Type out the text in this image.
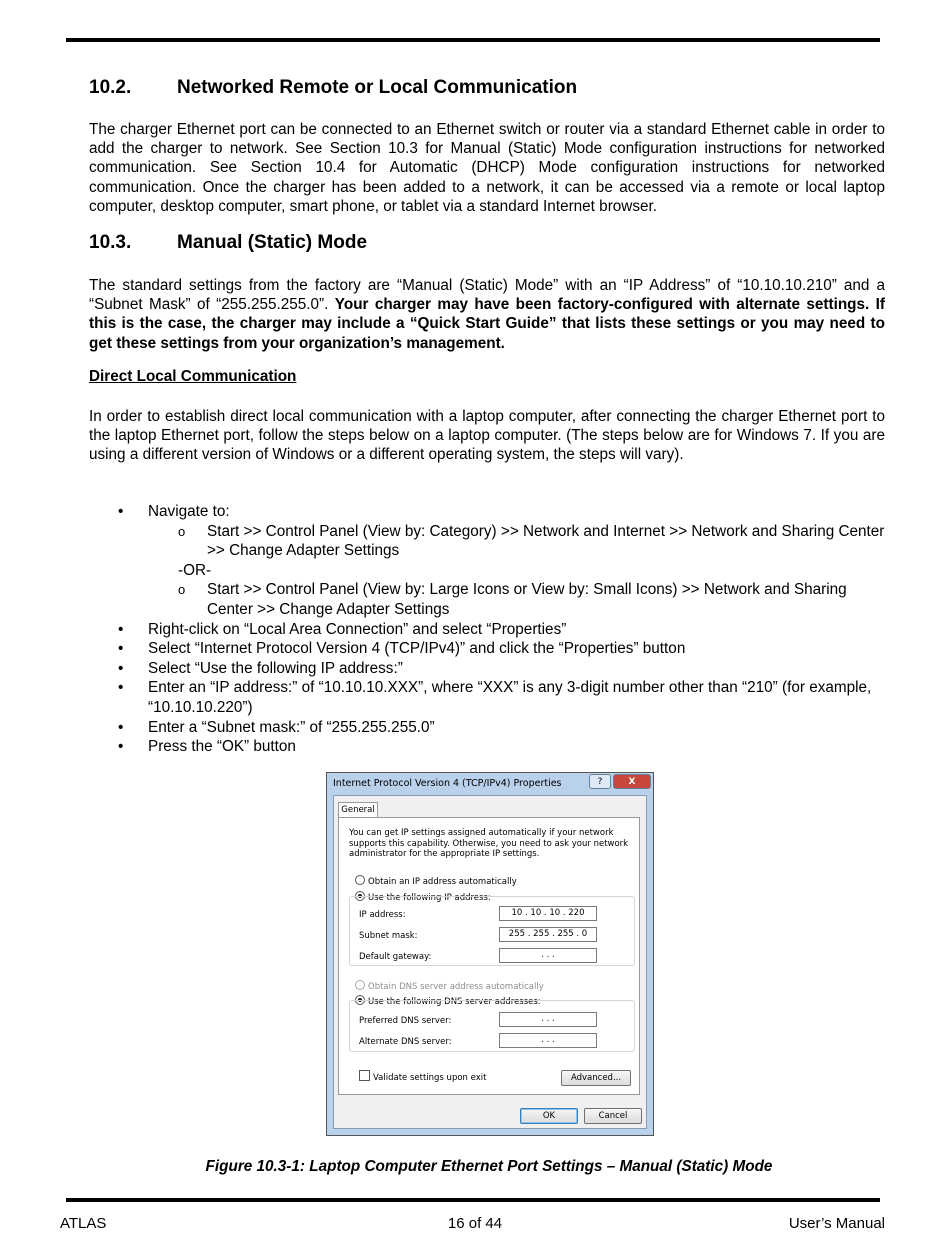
10.2. Networked Remote or Local Communication

The charger Ethernet port can be connected to an Ethernet switch or router via a standard Ethernet cable in order to add the charger to network. See Section 10.3 for Manual (Static) Mode configuration instructions for networked communication. See Section 10.4 for Automatic (DHCP) Mode configuration instructions for networked communication. Once the charger has been added to a network, it can be accessed via a remote or local laptop computer, desktop computer, smart phone, or tablet via a standard Internet browser.

10.3. Manual (Static) Mode

The standard settings from the factory are “Manual (Static) Mode” with an “IP Address” of “10.10.10.210” and a “Subnet Mask” of “255.255.255.0”. Your charger may have been factory-configured with alternate settings. If this is the case, the charger may include a “Quick Start Guide” that lists these settings or you may need to get these settings from your organization’s management.

Direct Local Communication

In order to establish direct local communication with a laptop computer, after connecting the charger Ethernet port to the laptop Ethernet port, follow the steps below on a laptop computer. (The steps below are for Windows 7. If you are using a different version of Windows or a different operating system, the steps will vary).

• Navigate to:
o Start >> Control Panel (View by: Category) >> Network and Internet >> Network and Sharing Center >> Change Adapter Settings
-OR-
o Start >> Control Panel (View by: Large Icons or View by: Small Icons) >> Network and Sharing Center >> Change Adapter Settings
• Right-click on “Local Area Connection” and select “Properties”
• Select “Internet Protocol Version 4 (TCP/IPv4)” and click the “Properties” button
• Select “Use the following IP address:”
• Enter an “IP address:” of “10.10.10.XXX”, where “XXX” is any 3-digit number other than “210” (for example, “10.10.10.220”)
• Enter a “Subnet mask:” of “255.255.255.0”
• Press the “OK” button
Internet Protocol Version 4 (TCP/IPv4) Properties	?	X
General
You can get IP settings assigned automatically if your network supports this capability. Otherwise, you need to ask your network administrator for the appropriate IP settings.
Obtain an IP address automatically
Use the following IP address:
IP address:	10 . 10 . 10 . 220
Subnet mask:	255 . 255 . 255 . 0
Default gateway:	. . .
Obtain DNS server address automatically
Use the following DNS server addresses:
Preferred DNS server:	. . .
Alternate DNS server:	. . .
Validate settings upon exit	Advanced...
OK	Cancel
Figure 10.3-1: Laptop Computer Ethernet Port Settings – Manual (Static) Mode
ATLAS	16 of 44	User’s Manual
